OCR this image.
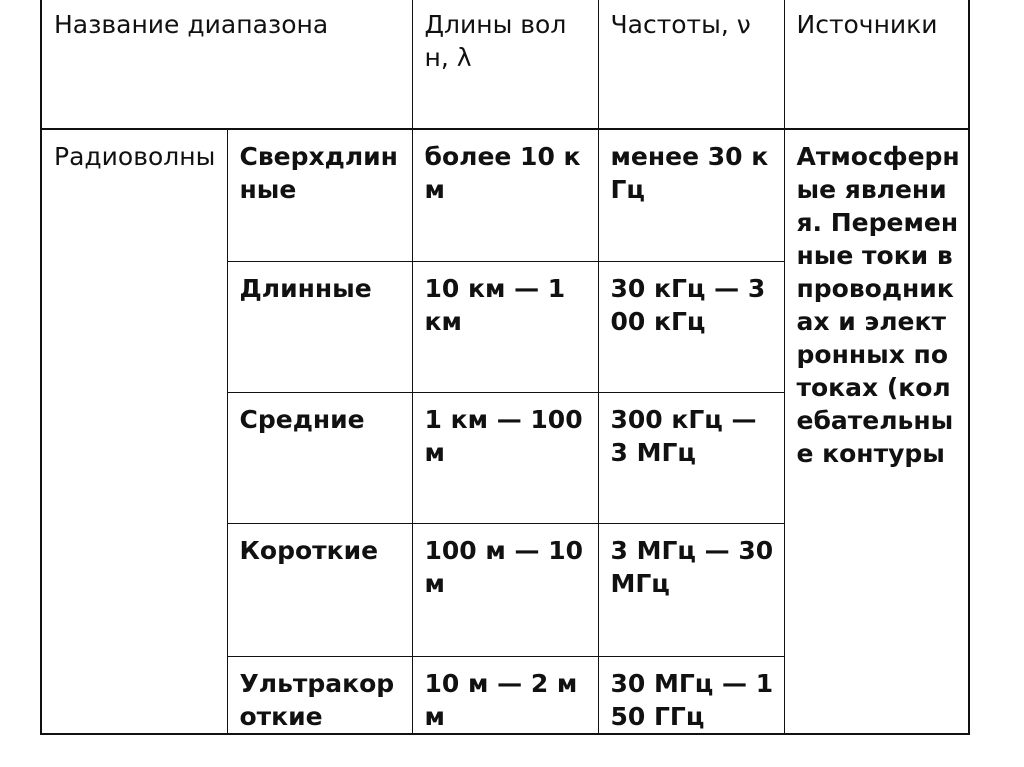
Название диапазона		Длины волн, λ	Частоты, ν	Источники
Радиоволны	Сверхдлинные	более 10 км	менее 30 кГц	Атмосферные явления. Переменные токи в проводниках и электронных потоках (колебательные контуры
	Длинные	10 км — 1 км	30 кГц — 300 кГц	
	Средние	1 км — 100 м	300 кГц — 3 МГц	
	Короткие	100 м — 10 м	3 МГц — 30 МГц	
	Ультракороткие	10 м — 2 мм	30 МГц — 150 ГГц	
